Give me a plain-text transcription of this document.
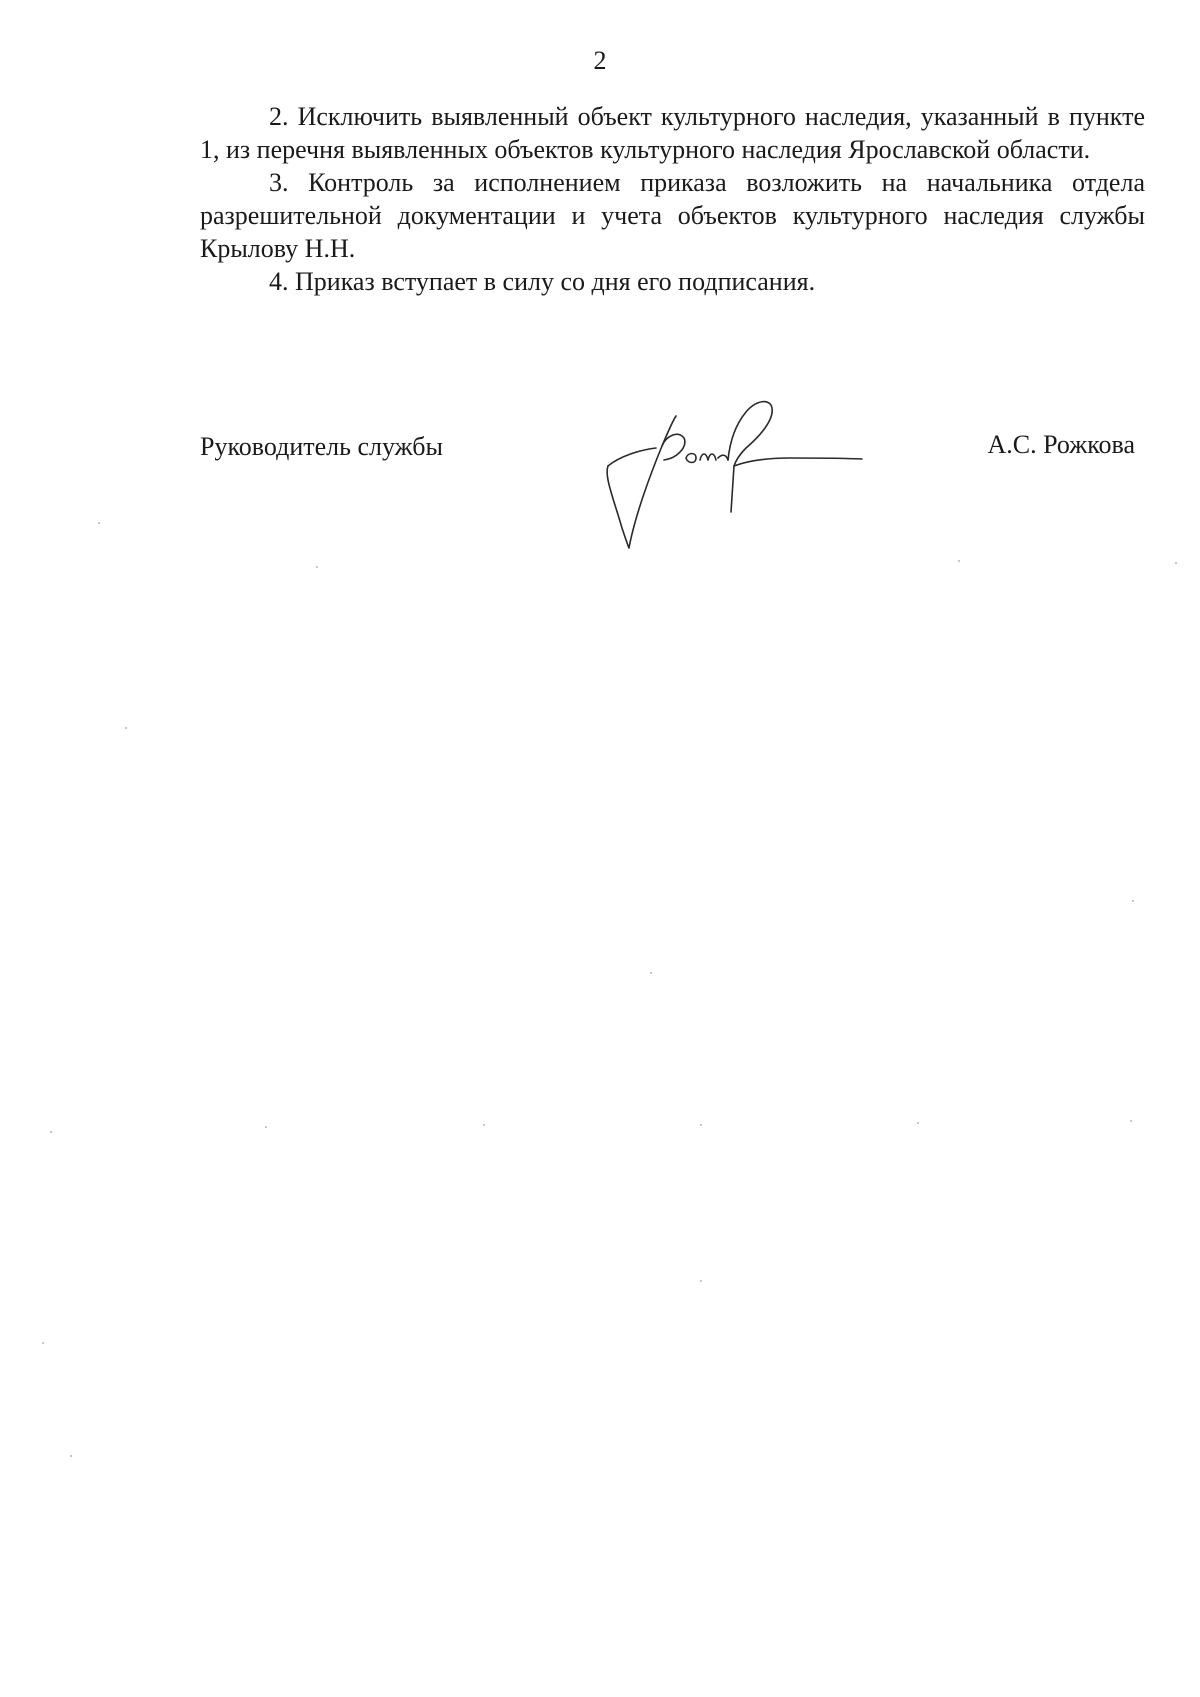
2

2. Исключить выявленный объект культурного наследия, указанный в пункте 1, из перечня выявленных объектов культурного наследия Ярославской области.

3. Контроль за исполнением приказа возложить на начальника отдела разрешительной документации и учета объектов культурного наследия службы Крылову Н.Н.

4. Приказ вступает в силу со дня его подписания.

Руководитель службы	А.С. Рожкова
